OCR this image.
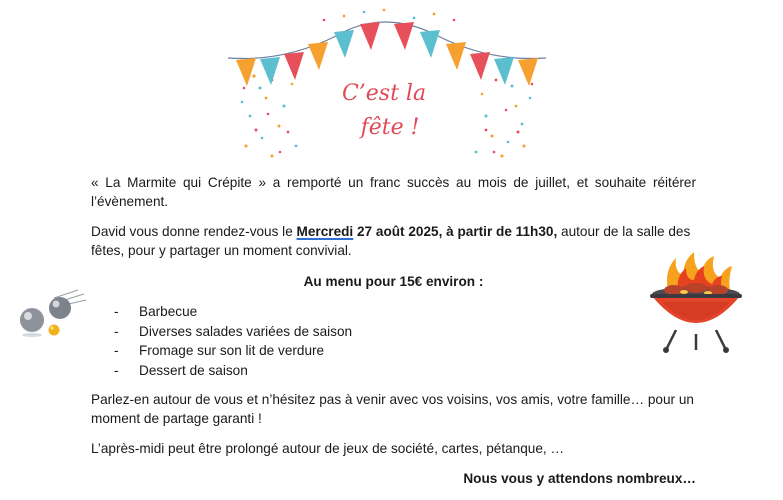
C’est la
fête !
« La Marmite qui Crépite » a remporté un franc succès au mois de juillet, et souhaite réitérer l’évènement.
David vous donne rendez-vous le Mercredi 27 août 2025, à partir de 11h30, autour de la salle des fêtes, pour y partager un moment convivial.
Au menu pour 15€ environ :
- Barbecue
- Diverses salades variées de saison
- Fromage sur son lit de verdure
- Dessert de saison
Parlez-en autour de vous et n’hésitez pas à venir avec vos voisins, vos amis, votre famille… pour un moment de partage garanti !
L’après-midi peut être prolongé autour de jeux de société, cartes, pétanque, …
Nous vous y attendons nombreux…
